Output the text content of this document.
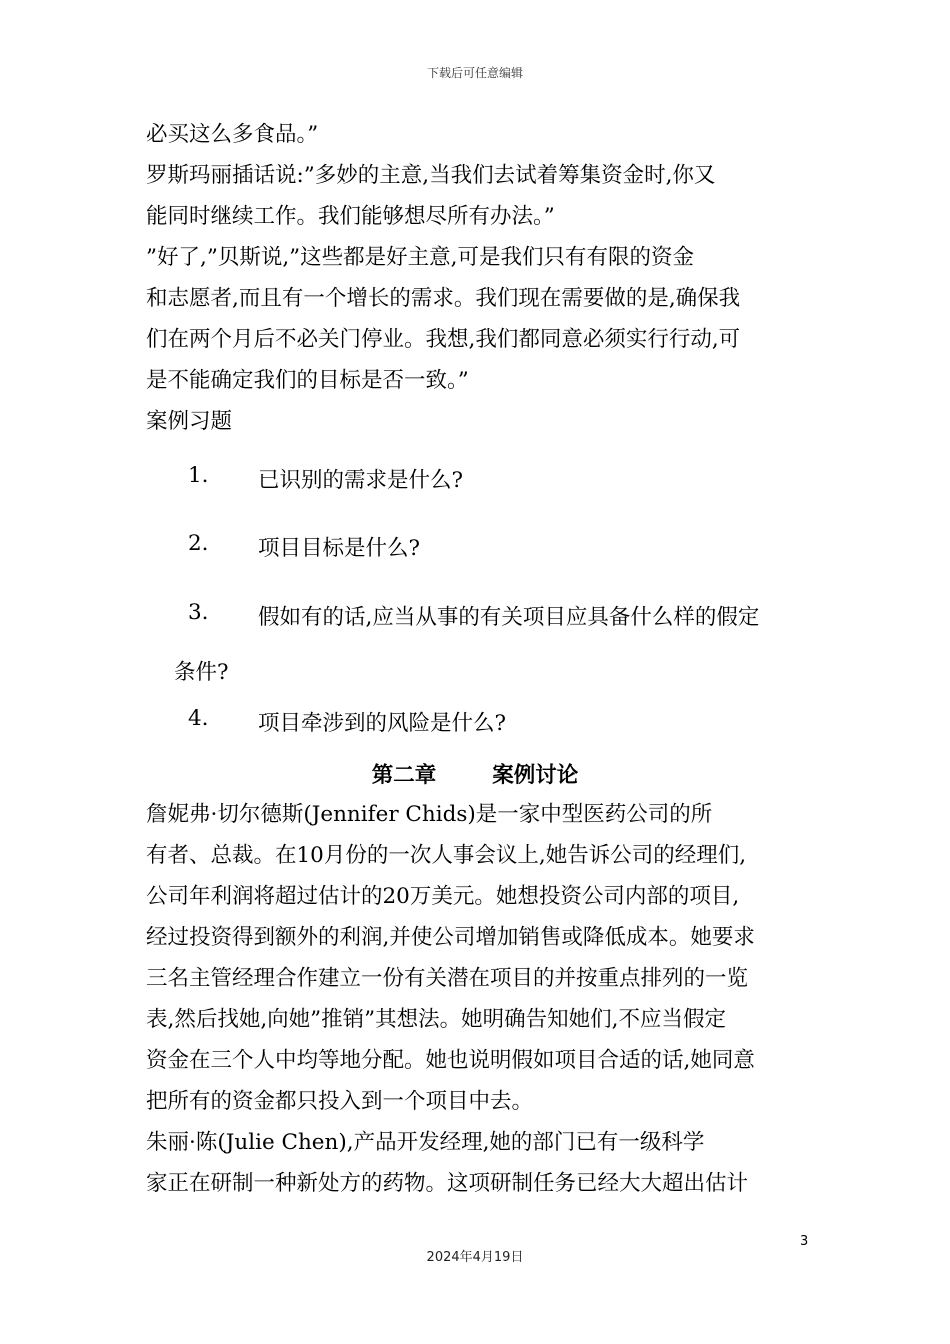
下载后可任意编辑
必买这么多食品。”
罗斯玛丽插话说:”多妙的主意,当我们去试着筹集资金时,你又
能同时继续工作。我们能够想尽所有办法。”
”好了,”贝斯说,”这些都是好主意,可是我们只有有限的资金
和志愿者,而且有一个增长的需求。我们现在需要做的是,确保我
们在两个月后不必关门停业。我想,我们都同意必须实行行动,可
是不能确定我们的目标是否一致。”
案例习题
1. 已识别的需求是什么?
2. 项目目标是什么?
3. 假如有的话,应当从事的有关项目应具备什么样的假定
条件?
4. 项目牵涉到的风险是什么?
第二章	案例讨论
詹妮弗·切尔德斯(Jennifer Chids)是一家中型医药公司的所
有者、总裁。在10月份的一次人事会议上,她告诉公司的经理们,
公司年利润将超过估计的20万美元。她想投资公司内部的项目,
经过投资得到额外的利润,并使公司增加销售或降低成本。她要求
三名主管经理合作建立一份有关潜在项目的并按重点排列的一览
表,然后找她,向她”推销”其想法。她明确告知她们,不应当假定
资金在三个人中均等地分配。她也说明假如项目合适的话,她同意
把所有的资金都只投入到一个项目中去。
朱丽·陈(Julie Chen),产品开发经理,她的部门已有一级科学
家正在研制一种新处方的药物。这项研制任务已经大大超出估计
3
2024年4月19日
